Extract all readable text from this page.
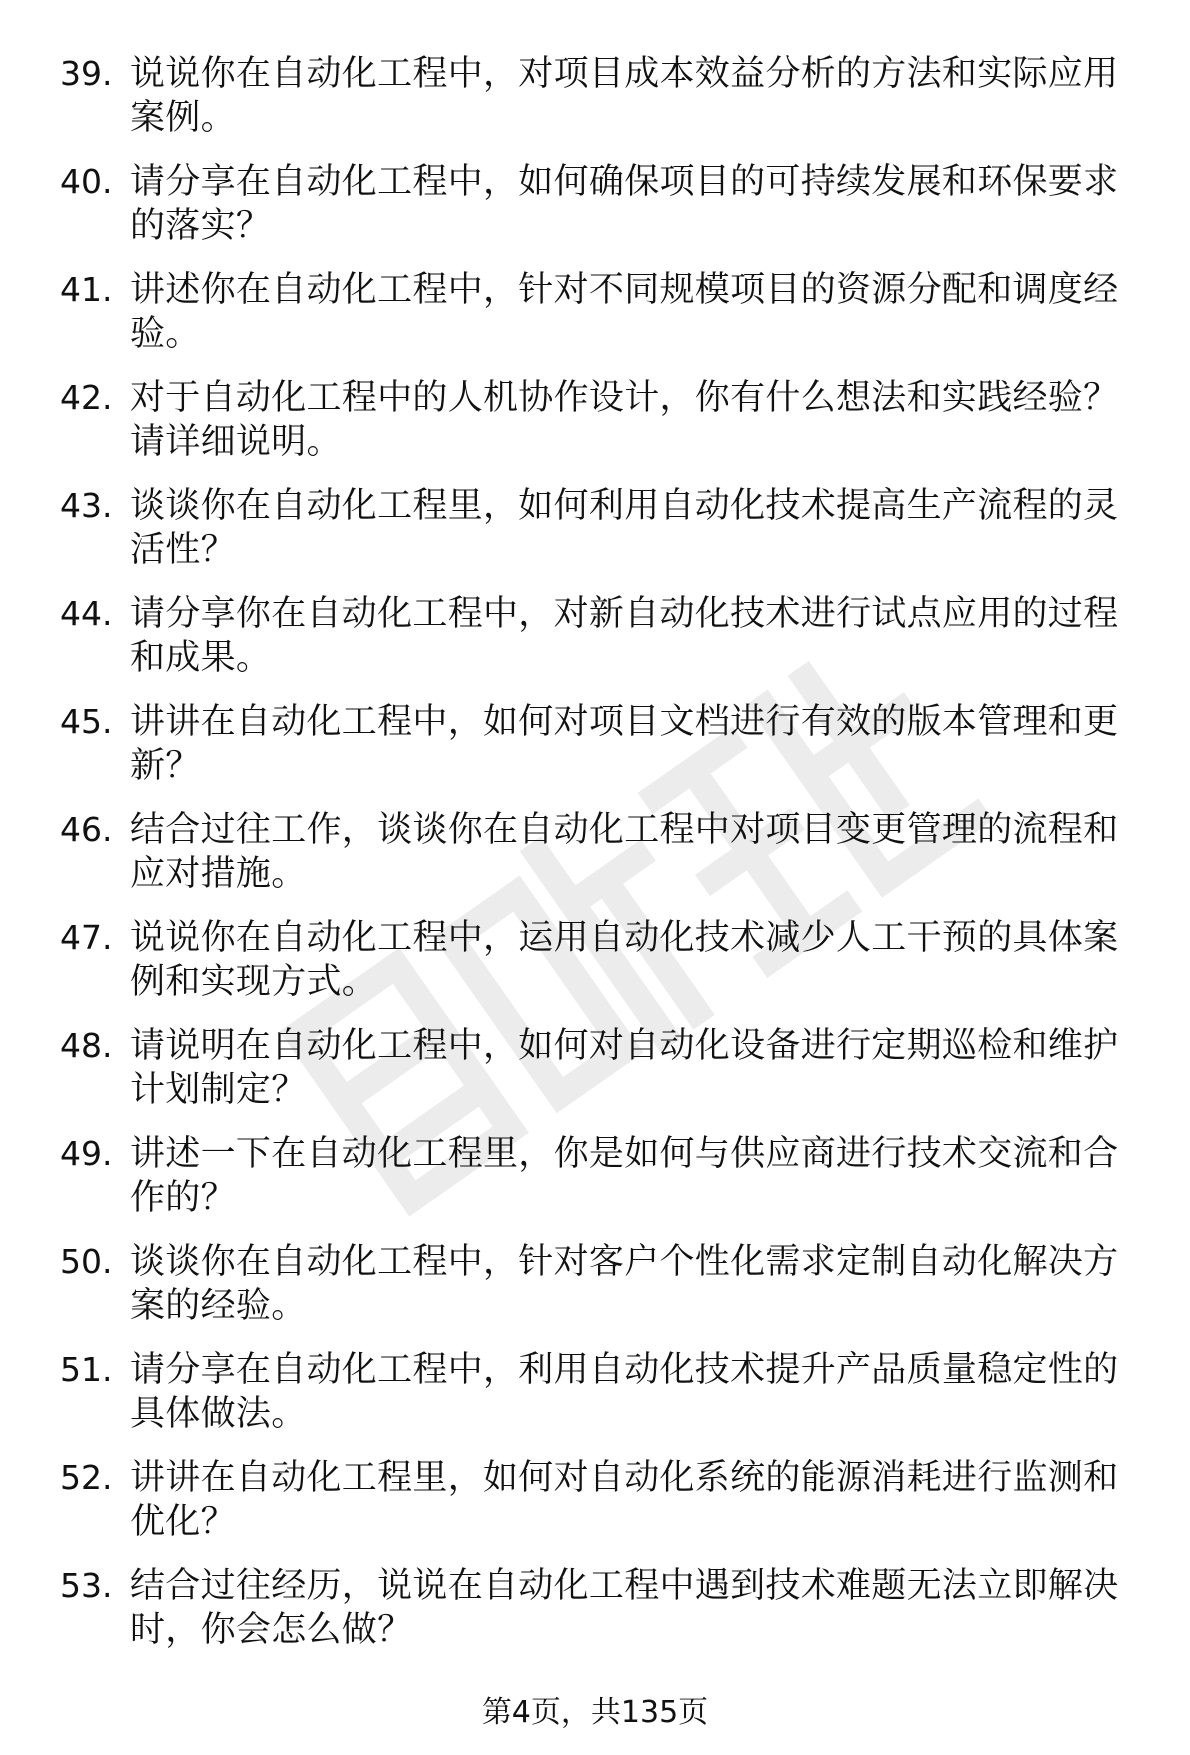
39. 说说你在自动化工程中，对项目成本效益分析的方法和实际应用案例。
40. 请分享在自动化工程中，如何确保项目的可持续发展和环保要求的落实？
41. 讲述你在自动化工程中，针对不同规模项目的资源分配和调度经验。
42. 对于自动化工程中的人机协作设计，你有什么想法和实践经验？请详细说明。
43. 谈谈你在自动化工程里，如何利用自动化技术提高生产流程的灵活性？
44. 请分享你在自动化工程中，对新自动化技术进行试点应用的过程和成果。
45. 讲讲在自动化工程中，如何对项目文档进行有效的版本管理和更新？
46. 结合过往工作，谈谈你在自动化工程中对项目变更管理的流程和应对措施。
47. 说说你在自动化工程中，运用自动化技术减少人工干预的具体案例和实现方式。
48. 请说明在自动化工程中，如何对自动化设备进行定期巡检和维护计划制定？
49. 讲述一下在自动化工程里，你是如何与供应商进行技术交流和合作的？
50. 谈谈你在自动化工程中，针对客户个性化需求定制自动化解决方案的经验。
51. 请分享在自动化工程中，利用自动化技术提升产品质量稳定性的具体做法。
52. 讲讲在自动化工程里，如何对自动化系统的能源消耗进行监测和优化？
53. 结合过往经历，说说在自动化工程中遇到技术难题无法立即解决时，你会怎么做？
第4页，共135页
